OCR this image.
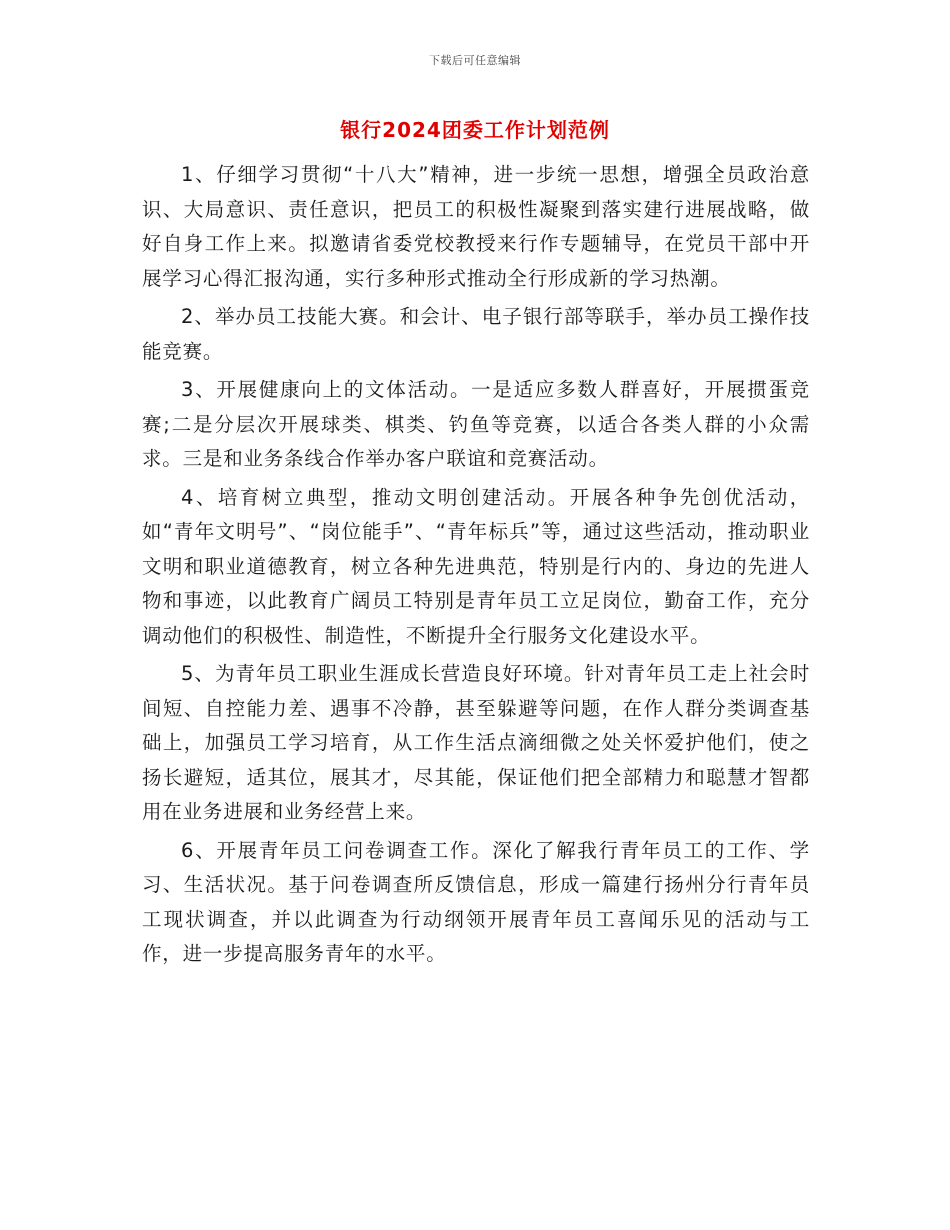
下载后可任意编辑
银行2024团委工作计划范例

1、仔细学习贯彻“十八大”精神，进一步统一思想，增强全员政治意识、大局意识、责任意识，把员工的积极性凝聚到落实建行进展战略，做好自身工作上来。拟邀请省委党校教授来行作专题辅导，在党员干部中开展学习心得汇报沟通，实行多种形式推动全行形成新的学习热潮。

2、举办员工技能大赛。和会计、电子银行部等联手，举办员工操作技能竞赛。

3、开展健康向上的文体活动。一是适应多数人群喜好，开展掼蛋竞赛;二是分层次开展球类、棋类、钓鱼等竞赛，以适合各类人群的小众需求。三是和业务条线合作举办客户联谊和竞赛活动。

4、培育树立典型，推动文明创建活动。开展各种争先创优活动，如“青年文明号”、“岗位能手”、“青年标兵”等，通过这些活动，推动职业文明和职业道德教育，树立各种先进典范，特别是行内的、身边的先进人物和事迹，以此教育广阔员工特别是青年员工立足岗位，勤奋工作，充分调动他们的积极性、制造性，不断提升全行服务文化建设水平。

5、为青年员工职业生涯成长营造良好环境。针对青年员工走上社会时间短、自控能力差、遇事不冷静，甚至躲避等问题，在作人群分类调查基础上，加强员工学习培育，从工作生活点滴细微之处关怀爱护他们，使之扬长避短，适其位，展其才，尽其能，保证他们把全部精力和聪慧才智都用在业务进展和业务经营上来。

6、开展青年员工问卷调查工作。深化了解我行青年员工的工作、学习、生活状况。基于问卷调查所反馈信息，形成一篇建行扬州分行青年员工现状调查，并以此调查为行动纲领开展青年员工喜闻乐见的活动与工作，进一步提高服务青年的水平。
